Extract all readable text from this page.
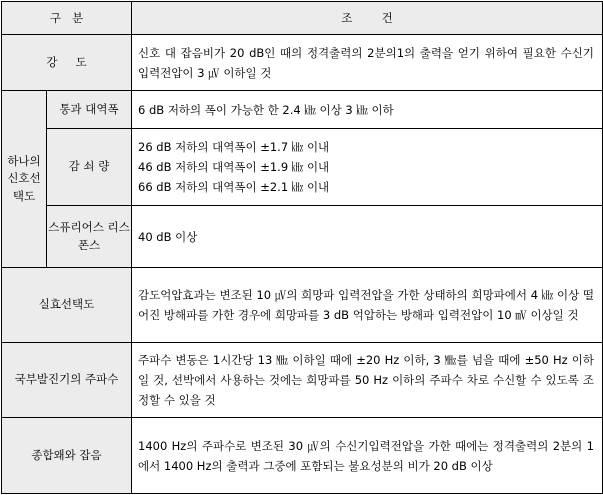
구   분		조        건
강     도		신호 대 잡음비가 20 dB인 때의 정격출력의 2분의1의 출력을 얻기 위하여 필요한 수신기 입력전압이 3 ㎶ 이하일 것
하나의 신호선 택도	통과 대역폭	6 dB 저하의 폭이 가능한 한 2.4 ㎑ 이상 3 ㎑ 이하
	감 쇠 량	26 dB 저하의 대역폭이 ±1.7 ㎑ 이내
46 dB 저하의 대역폭이 ±1.9 ㎑ 이내
66 dB 저하의 대역폭이 ±2.1 ㎑ 이내

	스퓨리어스 리스폰스	40 dB 이상
실효선택도		감도억압효과는 변조된 10 ㎶의 희망파 입력전압을 가한 상태하의 희망파에서 4 ㎑ 이상 떨어진 방해파를 가한 경우에 희망파를 3 dB 억압하는 방해파 입력전압이 10 ㎷ 이상일 것
국부발진기의 주파수		주파수 변동은 1시간당 13 ㎒ 이하일 때에 ±20 Hz 이하, 3 ㎒를 넘을 때에 ±50 Hz 이하일 것, 선박에서 사용하는 것에는 희망파를 50 Hz 이하의 주파수 차로 수신할 수 있도록 조정할 수 있을 것
종합왜와 잡음		1400 Hz의 주파수로 변조된 30 ㎶의 수신기입력전압을 가한 때에는 정격출력의 2분의 1에서 1400 Hz의 출력과 그중에 포함되는 불요성분의 비가 20 dB 이상
